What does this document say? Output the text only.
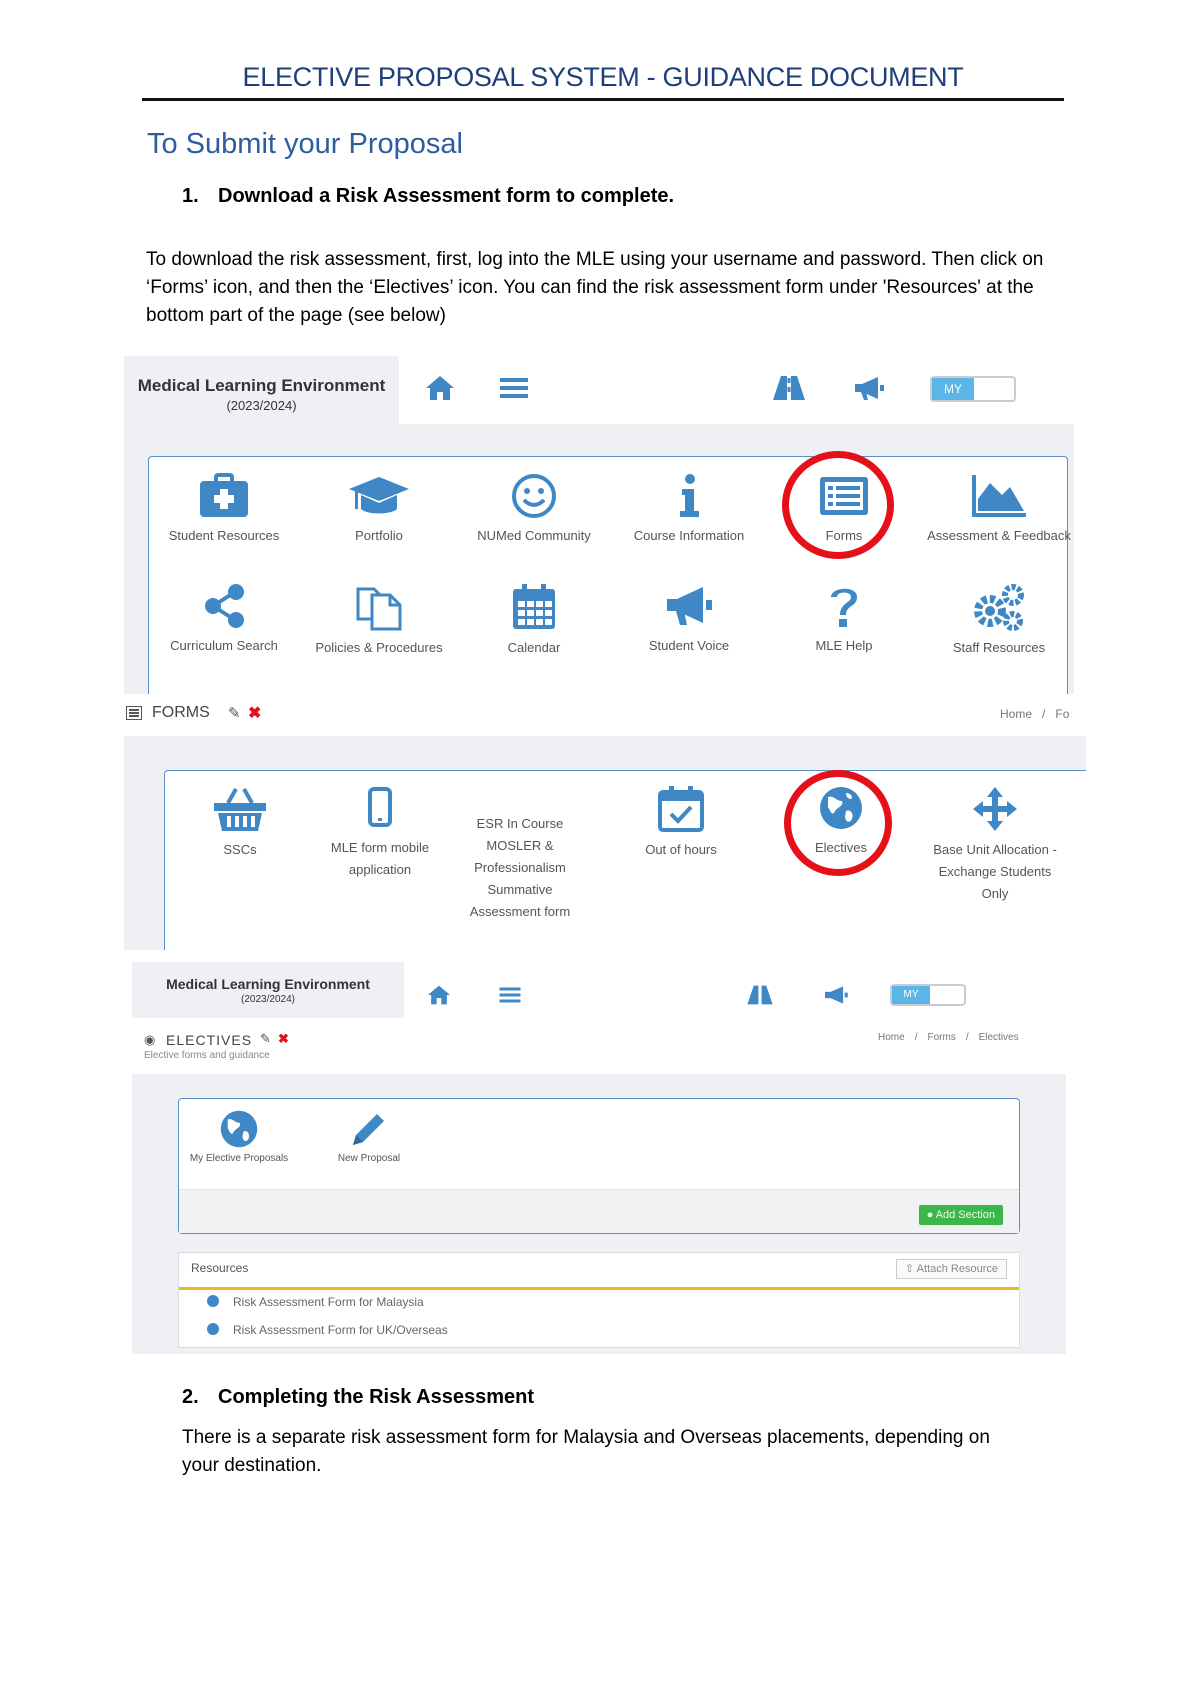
ELECTIVE PROPOSAL SYSTEM - GUIDANCE DOCUMENT
To Submit your Proposal
1. Download a Risk Assessment form to complete.
To download the risk assessment, first, log into the MLE using your username and password. Then click on ‘Forms’ icon, and then the ‘Electives’ icon. You can find the risk assessment form under 'Resources' at the bottom part of the page (see below)
Medical Learning Environment
(2023/2024)
MY
Student Resources	Portfolio	NUMed Community	Course Information	Forms	Assessment & Feedback
Curriculum Search	Policies & Procedures	Calendar	Student Voice	MLE Help	Staff Resources
FORMS ✎ ✖	Home / Fo
SSCs	MLE form mobile application
ESR In Course MOSLER & Professionalism Summative Assessment form
Out of hours	Electives	Base Unit Allocation - Exchange Students Only
Medical Learning Environment
(2023/2024)	MY
◉ ELECTIVES ✎ ✖
Elective forms and guidance
Home / Forms / Electives
My Elective Proposals	New Proposal
● Add Section
Resources	⇧ Attach Resource
Risk Assessment Form for Malaysia
Risk Assessment Form for UK/Overseas
2. Completing the Risk Assessment
There is a separate risk assessment form for Malaysia and Overseas placements, depending on your destination.
